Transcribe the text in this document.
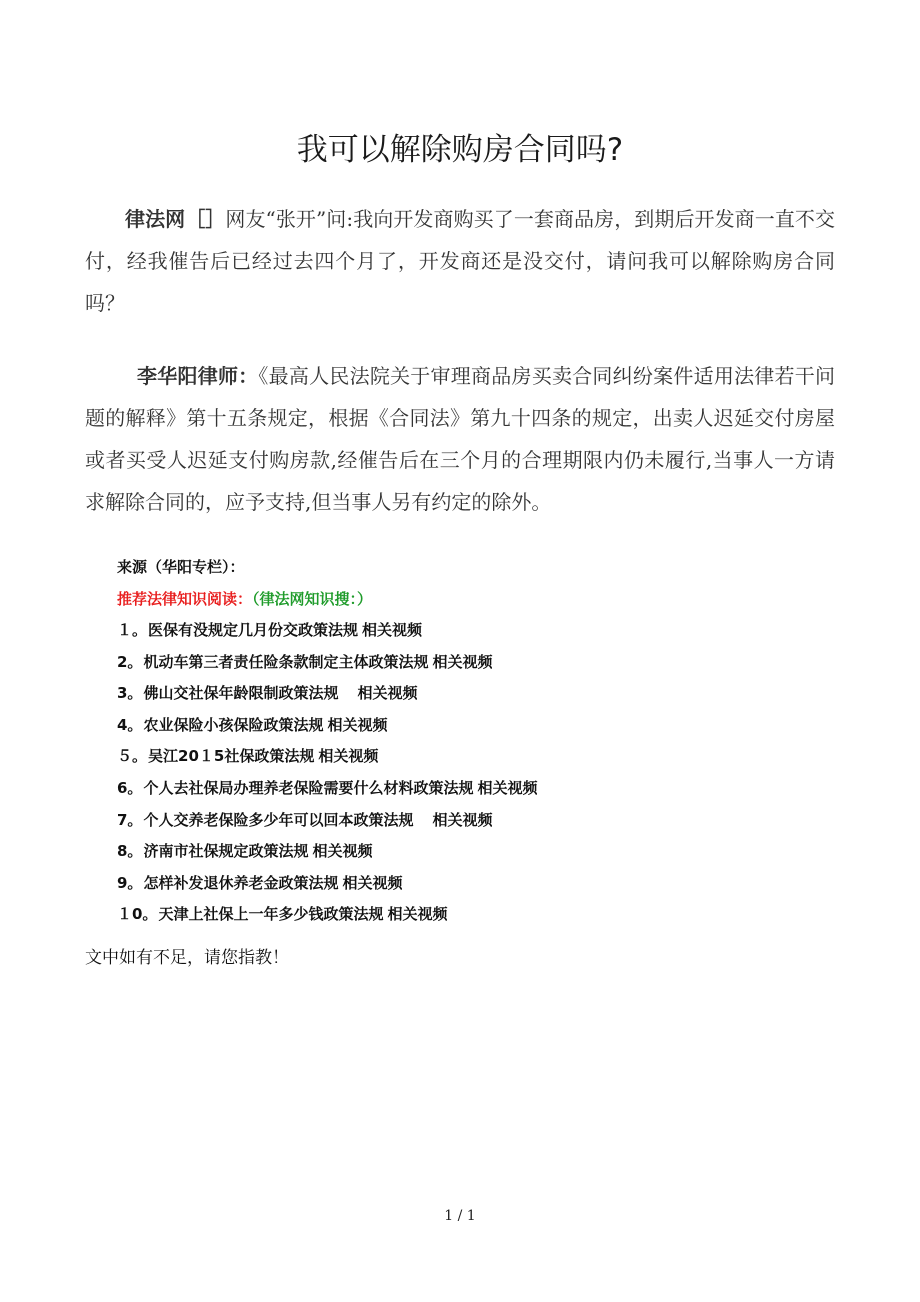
我可以解除购房合同吗?
律法网［］网友“张开”问:我向开发商购买了一套商品房，到期后开发商一直不交付，经我催告后已经过去四个月了，开发商还是没交付，请问我可以解除购房合同吗？
李华阳律师：《最高人民法院关于审理商品房买卖合同纠纷案件适用法律若干问题的解释》第十五条规定，根据《合同法》第九十四条的规定，出卖人迟延交付房屋或者买受人迟延支付购房款,经催告后在三个月的合理期限内仍未履行,当事人一方请求解除合同的，应予支持,但当事人另有约定的除外。
来源（华阳专栏）：
推荐法律知识阅读：（律法网知识搜：）
１。医保有没规定几月份交政策法规 相关视频
2。机动车第三者责任险条款制定主体政策法规 相关视频
3。佛山交社保年龄限制政策法规　相关视频
4。农业保险小孩保险政策法规 相关视频
５。吴江20１5社保政策法规 相关视频
6。个人去社保局办理养老保险需要什么材料政策法规 相关视频
7。个人交养老保险多少年可以回本政策法规　相关视频
8。济南市社保规定政策法规 相关视频
9。怎样补发退休养老金政策法规 相关视频
１0。天津上社保上一年多少钱政策法规 相关视频
文中如有不足，请您指教！
1 / 1
